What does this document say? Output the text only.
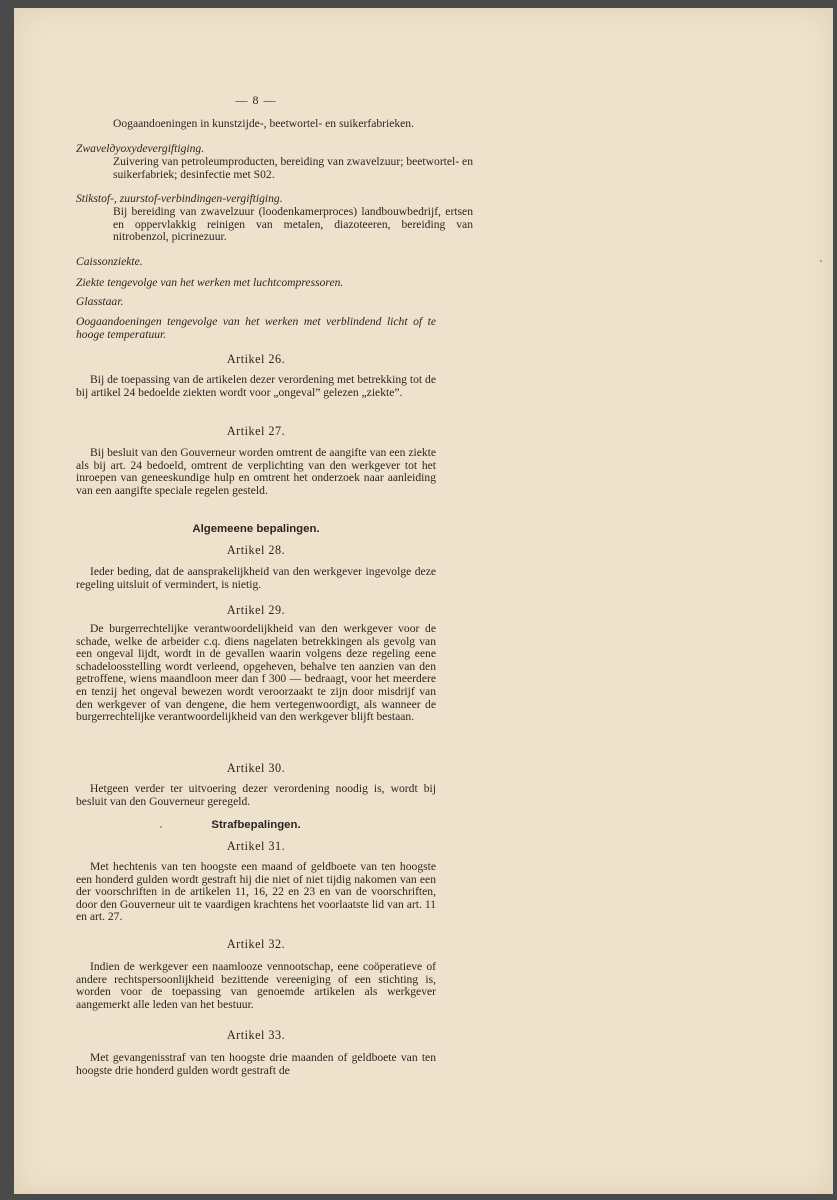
— 8 —
Oogaandoeningen in kunstzijde-, beetwortel- en suikerfabrieken.
Zwavelдyoxydevergiftiging.
Zuivering van petroleumproducten, bereiding van zwavelzuur; beetwortel- en suikerfabriek; desinfectie met S02.
Stikstof-, zuurstof-verbindingen-vergiftiging.
Bij bereiding van zwavelzuur (loodenkamerproces) landbouwbedrijf, ertsen en oppervlakkig reinigen van metalen, diazoteeren, bereiding van nitrobenzol, picrinezuur.
Caissonziekte.
Ziekte tengevolge van het werken met luchtcompressoren.
Glasstaar.
Oogaandoeningen tengevolge van het werken met verblindend licht of te hooge temperatuur.
Artikel 26.
Bij de toepassing van de artikelen dezer verordening met betrekking tot de bij artikel 24 bedoelde ziekten wordt voor „ongeval” gelezen „ziekte”.
Artikel 27.
Bij besluit van den Gouverneur worden omtrent de aangifte van een ziekte als bij art. 24 bedoeld, omtrent de verplichting van den werkgever tot het inroepen van geneeskundige hulp en omtrent het onderzoek naar aanleiding van een aangifte speciale regelen gesteld.
Algemeene bepalingen.
Artikel 28.
Ieder beding, dat de aansprakelijkheid van den werkgever ingevolge deze regeling uitsluit of vermindert, is nietig.
Artikel 29.
De burgerrechtelijke verantwoordelijkheid van den werkgever voor de schade, welke de arbeider c.q. diens nagelaten betrekkingen als gevolg van een ongeval lijdt, wordt in de gevallen waarin volgens deze regeling eene schadeloosstelling wordt verleend, opgeheven, behalve ten aanzien van den getroffene, wiens maandloon meer dan f 300 — bedraagt, voor het meerdere en tenzij het ongeval bewezen wordt veroorzaakt te zijn door misdrijf van den werkgever of van dengene, die hem vertegenwoordigt, als wanneer de burgerrechtelijke verantwoordelijkheid van den werkgever blijft bestaan.
Artikel 30.
Hetgeen verder ter uitvoering dezer verordening noodig is, wordt bij besluit van den Gouverneur geregeld.
Strafbepalingen.
Artikel 31.
Met hechtenis van ten hoogste een maand of geldboete van ten hoogste een honderd gulden wordt gestraft hij die niet of niet tijdig nakomen van een der voorschriften in de artikelen 11, 16, 22 en 23 en van de voorschriften, door den Gouverneur uit te vaardigen krachtens het voorlaatste lid van art. 11 en art. 27.
Artikel 32.
Indien de werkgever een naamlooze vennootschap, eene coöperatieve of andere rechtspersoonlijkheid bezittende vereeniging of een stichting is, worden voor de toepassing van genoemde artikelen als werkgever aangemerkt alle leden van het bestuur.
Artikel 33.
Met gevangenisstraf van ten hoogste drie maanden of geldboete van ten hoogste drie honderd gulden wordt gestraft de
